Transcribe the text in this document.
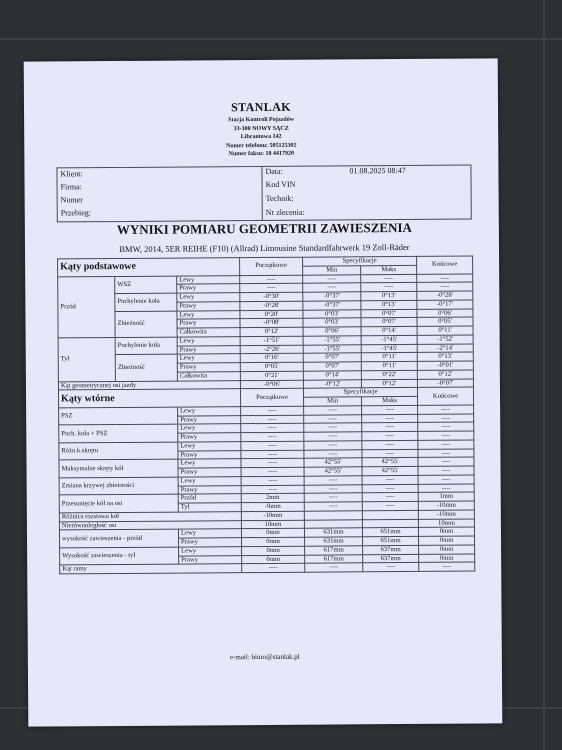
STANLAK
Stacja Kontroli Pojazdów
33-300 NOWY SĄCZ
Librantowa 142
Numer telefonu: 505125302
Numer faksu: 18 4417920
Klient:
Firma:
Numer
Przebieg:
Data:	01.08.2025 08:47
Kod VIN
Technik:
Nr zlecenia:
WYNIKI POMIARU GEOMETRII ZAWIESZENIA
BMW, 2014, 5ER REIHE (F10) (Allrad) Limousine Standardfahrwerk 19 Zoll-Räder
Kąty podstawowe			Początkowe	Specyfikacje		Końcowe
				Min	Maks	
Przód	WSZ	Lewy	----	----	----	----
		Prawy	----	----	----	----
	Pochylenie koła	Lewy	-0°30'	-0°37'	0°13'	-0°28'
		Prawy	-0°28'	-0°37'	0°13'	-0°17'
	Zbieżność	Lewy	0°20'	0°03'	0°07'	0°06'
		Prawy	-0°08'	0°03'	0°07'	0°05'
		Całkowita	0°12'	0°06'	0°14'	0°11'
Tył	Pochylenie koła	Lewy	-1°51'	-1°55'	-1°45'	-1°52'
		Prawy	-2°26'	-1°55'	-1°45'	-2°14'
	Zbieżność	Lewy	0°16'	0°07'	0°11'	0°13'
		Prawy	0°05'	0°07'	0°11'	-0°01'
		Całkowita	0°21'	0°14'	0°22'	0°12'
Kąt geometrycznej osi jazdy			-0°06'	-0°12'	0°12'	-0°07'
Kąty wtórne			Początkowe	Specyfikacje		Końcowe
				Min	Maks	
PSZ		Lewy	----	----	----	----
		Prawy	----	----	----	----
Poch. koła + PSZ		Lewy	----	----	----	----
		Prawy	----	----	----	----
Różn.k.skrętu		Lewy	----	----	----	----
		Prawy	----	----	----	----
Maksymalne skręty kół		Lewy	----	42°55'	42°55'	----
		Prawy	----	42°55'	42°55'	----
Zmiana krzywej zbieżności		Lewy	----	----	----	----
		Prawy	----	----	----	----
Przesunięcie kół na osi		Przód	2mm	----	----	1mm
		Tył	-9mm	----	----	-10mm
Różnica rozstawu kół			-10mm			-10mm
Nierównoległość osi			10mm			10mm
wysokość zawieszenia - przód		Lewy	0mm	631mm	651mm	0mm
		Prawy	0mm	631mm	651mm	0mm
Wysokość zawieszenia - tył		Lewy	0mm	617mm	637mm	0mm
		Prawy	0mm	617mm	637mm	0mm
Kąt ramy			----	----	----	----
e-mail: biuro@stanlak.pl
